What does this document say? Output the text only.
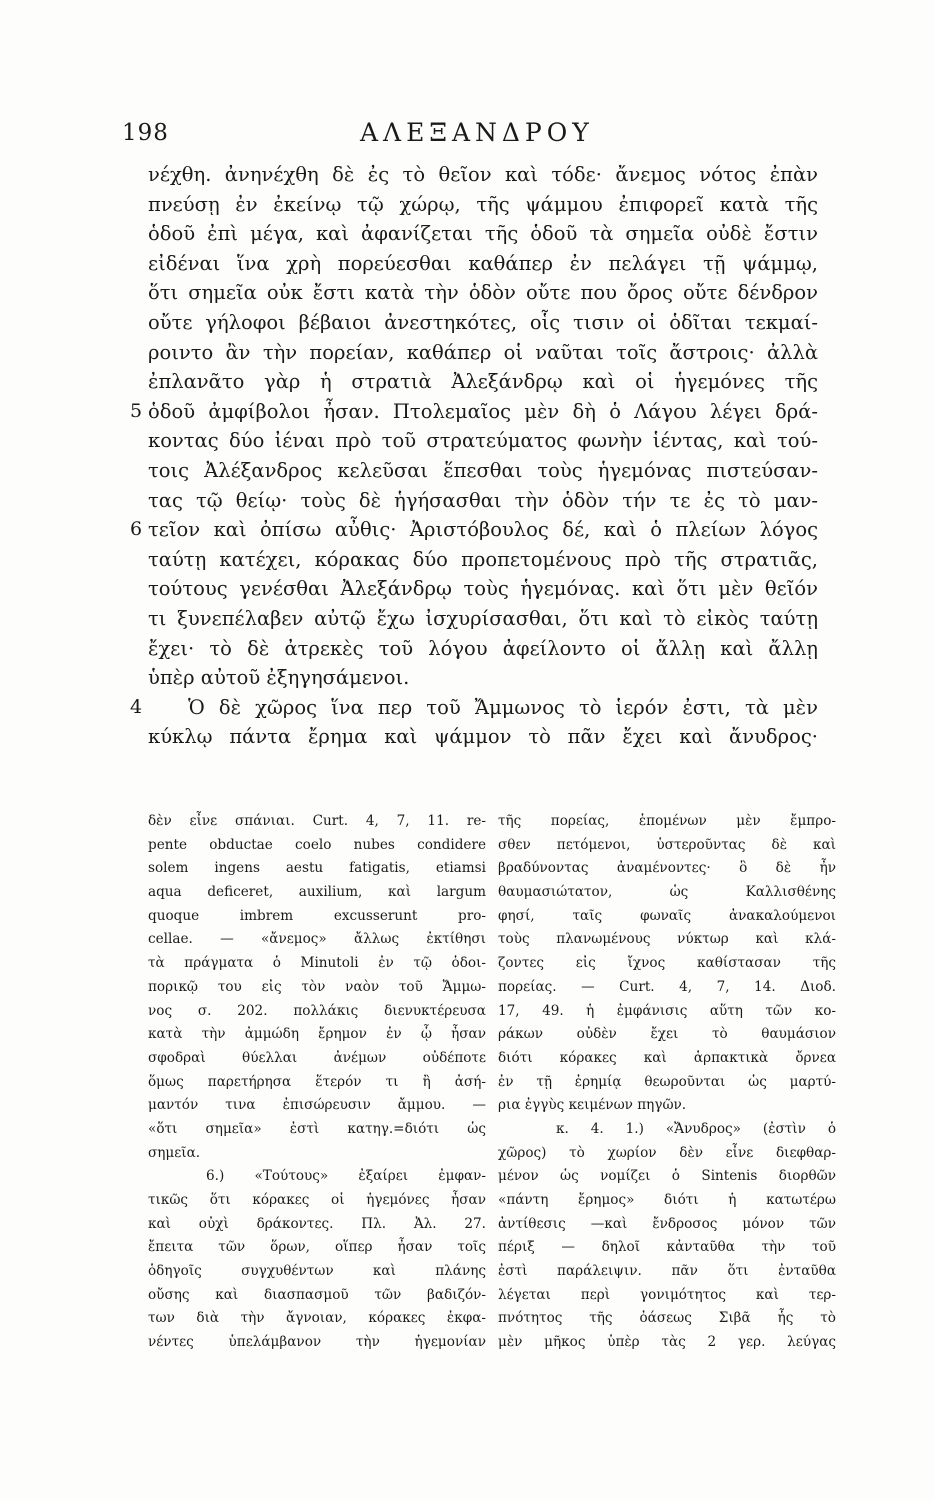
198	ΑΛΕΞΑΝΔΡΟΥ
νέχθη. ἀνηνέχθη δὲ ἐς τὸ θεῖον καὶ τόδε· ἄνεμος νότος ἐπὰν
πνεύσῃ ἐν ἐκείνῳ τῷ χώρῳ, τῆς ψάμμου ἐπιφορεῖ κατὰ τῆς
ὁδοῦ ἐπὶ μέγα, καὶ ἀφανίζεται τῆς ὁδοῦ τὰ σημεῖα οὐδὲ ἔστιν
εἰδέναι ἵνα χρὴ πορεύεσθαι καθάπερ ἐν πελάγει τῇ ψάμμῳ,
ὅτι σημεῖα οὐκ ἔστι κατὰ τὴν ὁδὸν οὔτε που ὄρος οὔτε δένδρον
οὔτε γήλοφοι βέβαιοι ἀνεστηκότες, οἷς τισιν οἱ ὁδῖται τεκμαί-
ροιντο ἂν τὴν πορείαν, καθάπερ οἱ ναῦται τοῖς ἄστροις· ἀλλὰ
ἐπλανᾶτο γὰρ ἡ στρατιὰ Ἀλεξάνδρῳ καὶ οἱ ἡγεμόνες τῆς
5 ὁδοῦ ἀμφίβολοι ἦσαν. Πτολεμαῖος μὲν δὴ ὁ Λάγου λέγει δρά-
κοντας δύο ἰέναι πρὸ τοῦ στρατεύματος φωνὴν ἱέντας, καὶ τού-
τοις Ἀλέξανδρος κελεῦσαι ἕπεσθαι τοὺς ἡγεμόνας πιστεύσαν-
τας τῷ θείῳ· τοὺς δὲ ἡγήσασθαι τὴν ὁδὸν τήν τε ἐς τὸ μαν-
6 τεῖον καὶ ὀπίσω αὖθις· Ἀριστόβουλος δέ, καὶ ὁ πλείων λόγος
ταύτῃ κατέχει, κόρακας δύο προπετομένους πρὸ τῆς στρατιᾶς,
τούτους γενέσθαι Ἀλεξάνδρῳ τοὺς ἡγεμόνας. καὶ ὅτι μὲν θεῖόν
τι ξυνεπέλαβεν αὐτῷ ἔχω ἰσχυρίσασθαι, ὅτι καὶ τὸ εἰκὸς ταύτῃ
ἔχει· τὸ δὲ ἀτρεκὲς τοῦ λόγου ἀφείλοντο οἱ ἄλλῃ καὶ ἄλλῃ
ὑπὲρ αὐτοῦ ἐξηγησάμενοι.
4 Ὁ δὲ χῶρος ἵνα περ τοῦ Ἄμμωνος τὸ ἱερόν ἐστι, τὰ μὲν
κύκλῳ πάντα ἔρημα καὶ ψάμμον τὸ πᾶν ἔχει καὶ ἄνυδρος·
δὲν εἶνε σπάνιαι. Curt. 4, 7, 11. re-
pente obductae coelo nubes condidere
solem ingens aestu fatigatis, etiamsi
aqua deficeret, auxilium, καὶ largum
quoque imbrem excusserunt pro-
cellae. — «ἄνεμος» ἄλλως ἐκτίθησι
τὰ πράγματα ὁ Minutoli ἐν τῷ ὁδοι-
πορικῷ του εἰς τὸν ναὸν τοῦ Ἄμμω-
νος σ. 202. πολλάκις διενυκτέρευσα
κατὰ τὴν ἀμμώδη ἔρημον ἐν ᾧ ἦσαν
σφοδραὶ θύελλαι ἀνέμων οὐδέποτε
ὅμως παρετήρησα ἕτερόν τι ἢ ἀσή-
μαντόν τινα ἐπισώρευσιν ἄμμου. —
«ὅτι σημεῖα» ἐστὶ κατηγ.=διότι ὡς
σημεῖα.
6.) «Τούτους» ἐξαίρει ἐμφαν-
τικῶς ὅτι κόρακες οἱ ἡγεμόνες ἦσαν
καὶ οὐχὶ δράκοντες. Πλ. Ἀλ. 27.
ἔπειτα τῶν ὅρων, οἵπερ ἦσαν τοῖς
ὁδηγοῖς συγχυθέντων καὶ πλάνης
οὔσης καὶ διασπασμοῦ τῶν βαδιζόν-
των διὰ τὴν ἄγνοιαν, κόρακες ἐκφα-
νέντες ὑπελάμβανον τὴν ἡγεμονίαν
τῆς πορείας, ἑπομένων μὲν ἔμπρο-
σθεν πετόμενοι, ὑστεροῦντας δὲ καὶ
βραδύνοντας ἀναμένοντες· ὃ δὲ ἦν
θαυμασιώτατον, ὡς Καλλισθένης
φησί, ταῖς φωναῖς ἀνακαλούμενοι
τοὺς πλανωμένους νύκτωρ καὶ κλά-
ζοντες εἰς ἴχνος καθίστασαν τῆς
πορείας. — Curt. 4, 7, 14. Διοδ.
17, 49. ἡ ἐμφάνισις αὕτη τῶν κο-
ράκων οὐδὲν ἔχει τὸ θαυμάσιον
διότι κόρακες καὶ ἁρπακτικὰ ὄρνεα
ἐν τῇ ἐρημίᾳ θεωροῦνται ὡς μαρτύ-
ρια ἐγγὺς κειμένων πηγῶν.
κ. 4. 1.) «Ἄνυδρος» (ἐστὶν ὁ
χῶρος) τὸ χωρίον δὲν εἶνε διεφθαρ-
μένον ὡς νομίζει ὁ Sintenis διορθῶν
«πάντη ἔρημος» διότι ἡ κατωτέρω
ἀντίθεσις —καὶ ἔνδροσος μόνον τῶν
πέριξ — δηλοῖ κἀνταῦθα τὴν τοῦ
ἐστὶ παράλειψιν. πᾶν ὅτι ἐνταῦθα
λέγεται περὶ γονιμότητος καὶ τερ-
πνότητος τῆς ὀάσεως Σιβᾶ ἧς τὸ
μὲν μῆκος ὑπὲρ τὰς 2 γερ. λεύγας
